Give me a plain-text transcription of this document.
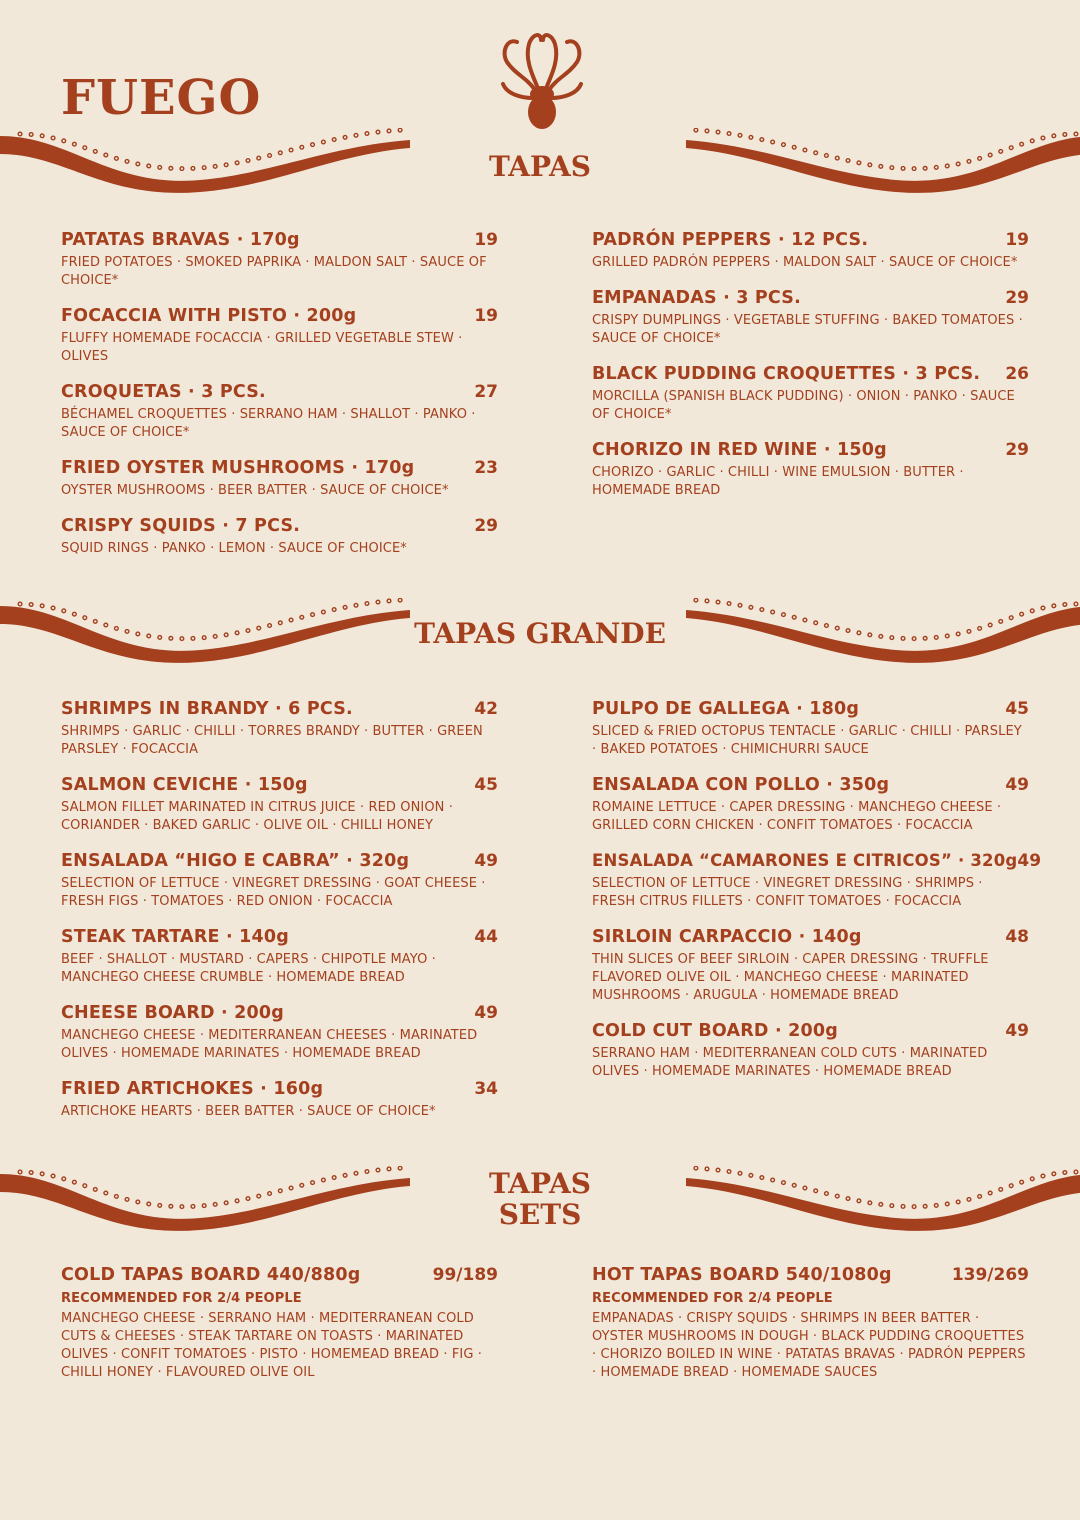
FUEGO
TAPAS
PATATAS BRAVAS · 170g	19
FRIED POTATOES · SMOKED PAPRIKA · MALDON SALT · SAUCE OF CHOICE*
FOCACCIA WITH PISTO · 200g	19
FLUFFY HOMEMADE FOCACCIA · GRILLED VEGETABLE STEW · OLIVES
CROQUETAS · 3 PCS.	27
BÉCHAMEL CROQUETTES · SERRANO HAM · SHALLOT · PANKO · SAUCE OF CHOICE*
FRIED OYSTER MUSHROOMS · 170g	23
OYSTER MUSHROOMS · BEER BATTER · SAUCE OF CHOICE*
CRISPY SQUIDS · 7 PCS.	29
SQUID RINGS · PANKO · LEMON · SAUCE OF CHOICE*
PADRÓN PEPPERS · 12 PCS.	19
GRILLED PADRÓN PEPPERS · MALDON SALT · SAUCE OF CHOICE*
EMPANADAS · 3 PCS.	29
CRISPY DUMPLINGS · VEGETABLE STUFFING · BAKED TOMATOES · SAUCE OF CHOICE*
BLACK PUDDING CROQUETTES · 3 PCS. 26
MORCILLA (SPANISH BLACK PUDDING) · ONION · PANKO · SAUCE OF CHOICE*
CHORIZO IN RED WINE · 150g	29
CHORIZO · GARLIC · CHILLI · WINE EMULSION · BUTTER · HOMEMADE BREAD
TAPAS GRANDE
SHRIMPS IN BRANDY · 6 PCS.	42
SHRIMPS · GARLIC · CHILLI · TORRES BRANDY · BUTTER · GREEN PARSLEY · FOCACCIA
SALMON CEVICHE · 150g	45
SALMON FILLET MARINATED IN CITRUS JUICE · RED ONION · CORIANDER · BAKED GARLIC · OLIVE OIL · CHILLI HONEY
ENSALADA “HIGO E CABRA” · 320g	49
SELECTION OF LETTUCE · VINEGRET DRESSING · GOAT CHEESE · FRESH FIGS · TOMATOES · RED ONION · FOCACCIA
STEAK TARTARE · 140g	44
BEEF · SHALLOT · MUSTARD · CAPERS · CHIPOTLE MAYO · MANCHEGO CHEESE CRUMBLE · HOMEMADE BREAD
CHEESE BOARD · 200g	49
MANCHEGO CHEESE · MEDITERRANEAN CHEESES · MARINATED OLIVES · HOMEMADE MARINATES · HOMEMADE BREAD
FRIED ARTICHOKES · 160g	34
ARTICHOKE HEARTS · BEER BATTER · SAUCE OF CHOICE*
PULPO DE GALLEGA · 180g	45
SLICED & FRIED OCTOPUS TENTACLE · GARLIC · CHILLI · PARSLEY · BAKED POTATOES · CHIMICHURRI SAUCE
ENSALADA CON POLLO · 350g	49
ROMAINE LETTUCE · CAPER DRESSING · MANCHEGO CHEESE · GRILLED CORN CHICKEN · CONFIT TOMATOES · FOCACCIA
ENSALADA “CAMARONES E CITRICOS” · 320g 49
SELECTION OF LETTUCE · VINEGRET DRESSING · SHRIMPS · FRESH CITRUS FILLETS · CONFIT TOMATOES · FOCACCIA
SIRLOIN CARPACCIO · 140g	48
THIN SLICES OF BEEF SIRLOIN · CAPER DRESSING · TRUFFLE FLAVORED OLIVE OIL · MANCHEGO CHEESE · MARINATED MUSHROOMS · ARUGULA · HOMEMADE BREAD
COLD CUT BOARD · 200g	49
SERRANO HAM · MEDITERRANEAN COLD CUTS · MARINATED OLIVES · HOMEMADE MARINATES · HOMEMADE BREAD
TAPAS
SETS
COLD TAPAS BOARD 440/880g	99/189
RECOMMENDED FOR 2/4 PEOPLE
MANCHEGO CHEESE · SERRANO HAM · MEDITERRANEAN COLD CUTS & CHEESES · STEAK TARTARE ON TOASTS · MARINATED OLIVES · CONFIT TOMATOES · PISTO · HOMEMEAD BREAD · FIG · CHILLI HONEY · FLAVOURED OLIVE OIL
HOT TAPAS BOARD 540/1080g	139/269
RECOMMENDED FOR 2/4 PEOPLE
EMPANADAS · CRISPY SQUIDS · SHRIMPS IN BEER BATTER · OYSTER MUSHROOMS IN DOUGH · BLACK PUDDING CROQUETTES · CHORIZO BOILED IN WINE · PATATAS BRAVAS · PADRÓN PEPPERS · HOMEMADE BREAD · HOMEMADE SAUCES
